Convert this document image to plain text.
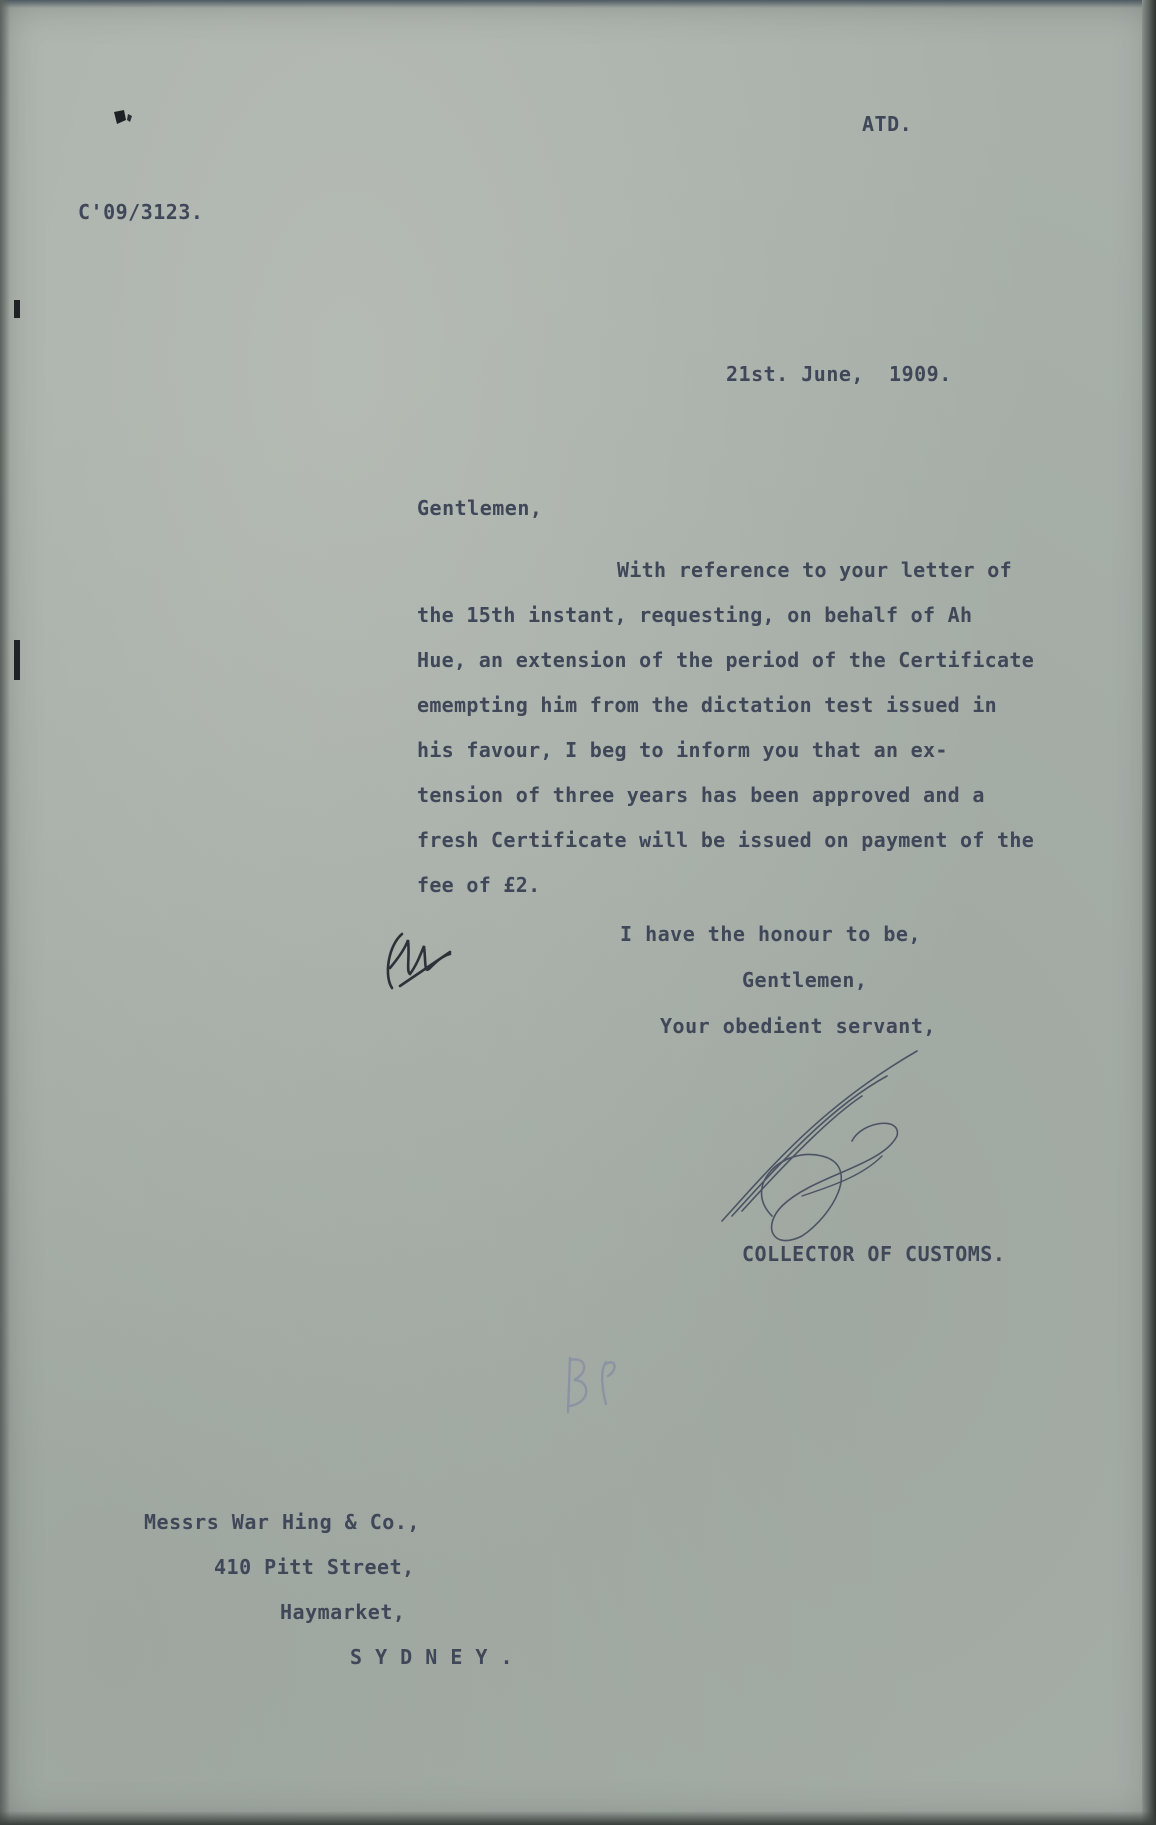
ATD.

C'09/3123.

21st. June,  1909.

Gentlemen,

With reference to your letter of

the 15th instant, requesting, on behalf of Ah

Hue, an extension of the period of the Certificate

emempting him from the dictation test issued in

his favour, I beg to inform you that an ex-

tension of three years has been approved and a

fresh Certificate will be issued on payment of the

fee of £2.

I have the honour to be,

Gentlemen,

Your obedient servant,

COLLECTOR OF CUSTOMS.

Messrs War Hing & Co.,

410 Pitt Street,

Haymarket,

S Y D N E Y .
